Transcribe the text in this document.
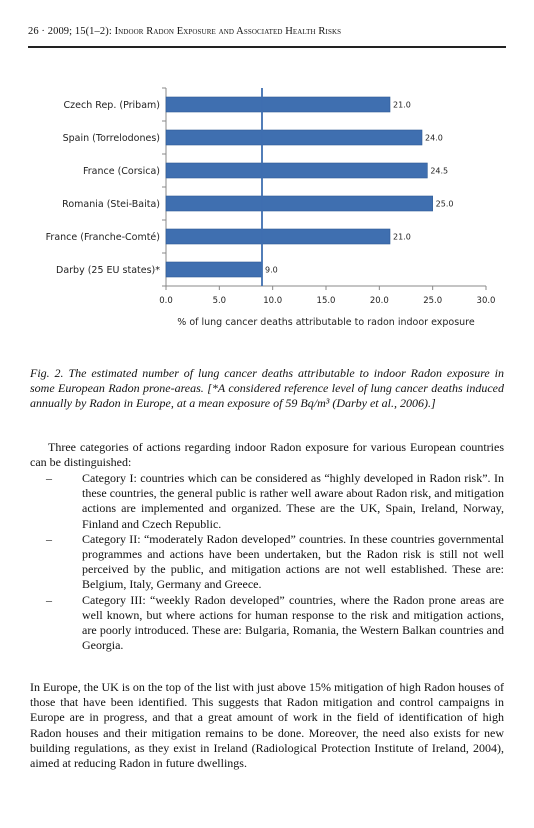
26 · 2009; 15(1–2): Indoor Radon Exposure and Associated Health Risks
Czech Rep. (Pribam)	21.0
Spain (Torrelodones)	24.0
France (Corsica)	24.5
Romania (Stei-Baita)	25.0
France (Franche-Comté)	21.0
Darby (25 EU states)*	9.0
0.0	5.0	10.0	15.0	20.0	25.0	30.0
% of lung cancer deaths attributable to radon indoor exposure
Fig. 2. The estimated number of lung cancer deaths attributable to indoor Radon exposure in some European Radon prone-areas. [*A considered reference level of lung cancer deaths induced annually by Radon in Europe, at a mean exposure of 59 Bq/m³ (Darby et al., 2006).]
Three categories of actions regarding indoor Radon exposure for various European countries can be distinguished:
–	Category I: countries which can be considered as “highly developed in Radon risk”. In these countries, the general public is rather well aware about Radon risk, and mitigation actions are implemented and organized. These are the UK, Spain, Ireland, Norway, Finland and Czech Republic.
–	Category II: “moderately Radon developed” countries. In these countries governmental programmes and actions have been undertaken, but the Radon risk is still not well perceived by the public, and mitigation actions are not well established. These are: Belgium, Italy, Germany and Greece.
–	Category III: “weekly Radon developed” countries, where the Radon prone areas are well known, but where actions for human response to the risk and mitigation actions, are poorly introduced. These are: Bulgaria, Romania, the Western Balkan countries and Georgia.
In Europe, the UK is on the top of the list with just above 15% mitigation of high Radon houses of those that have been identified. This suggests that Radon mitigation and control campaigns in Europe are in progress, and that a great amount of work in the field of identification of high Radon houses and their mitigation remains to be done. Moreover, the need also exists for new building regulations, as they exist in Ireland (Radiological Protection Institute of Ireland, 2004), aimed at reducing Radon in future dwellings.
